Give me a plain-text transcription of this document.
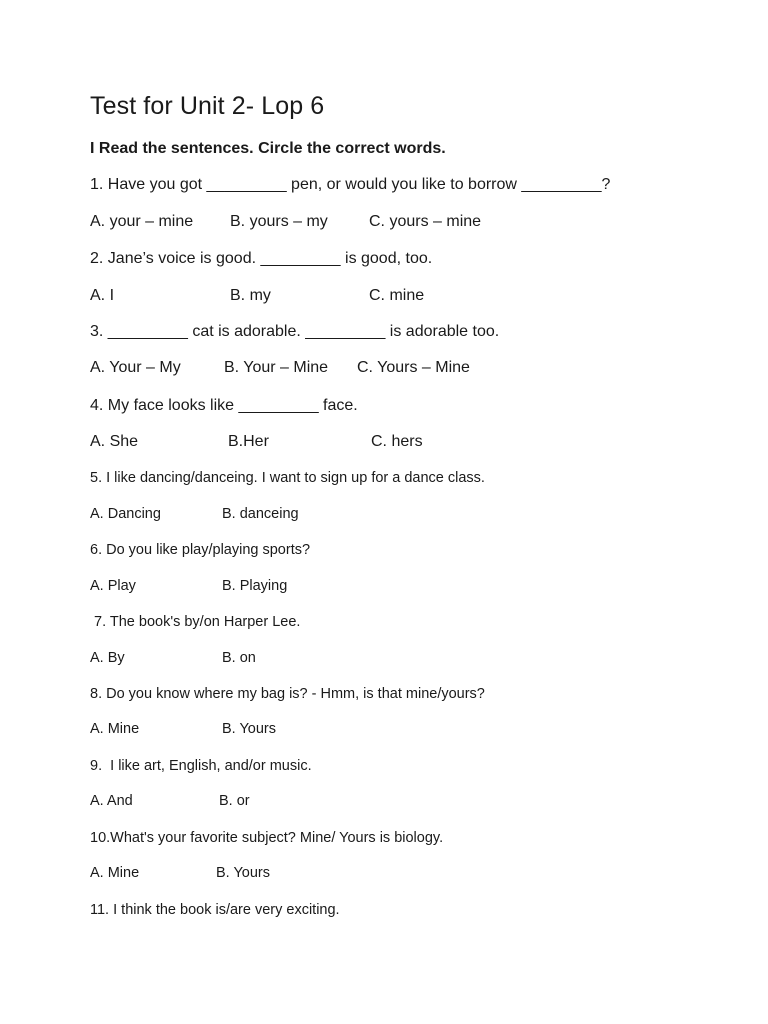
Test for Unit 2- Lop 6
I Read the sentences. Circle the correct words.
1. Have you got _________ pen, or would you like to borrow _________?
A. your – mine B. yours – my	C. yours – mine
2. Jane’s voice is good. _________ is good, too.
A. I	B. my	C. mine
3. _________ cat is adorable. _________ is adorable too.
A. Your – My	B. Your – Mine C. Yours – Mine
4. My face looks like _________ face.
A. She	B.Her	C. hers
5. I like dancing/danceing. I want to sign up for a dance class.
A. Dancing	B. danceing
6. Do you like play/playing sports?
A. Play	B. Playing
7. The book's by/on Harper Lee.
A. By	B. on
8. Do you know where my bag is? - Hmm, is that mine/yours?
A. Mine	B. Yours
9.  I like art, English, and/or music.
A. And	B. or
10.What's your favorite subject? Mine/ Yours is biology.
A. Mine	B. Yours
11. I think the book is/are very exciting.
